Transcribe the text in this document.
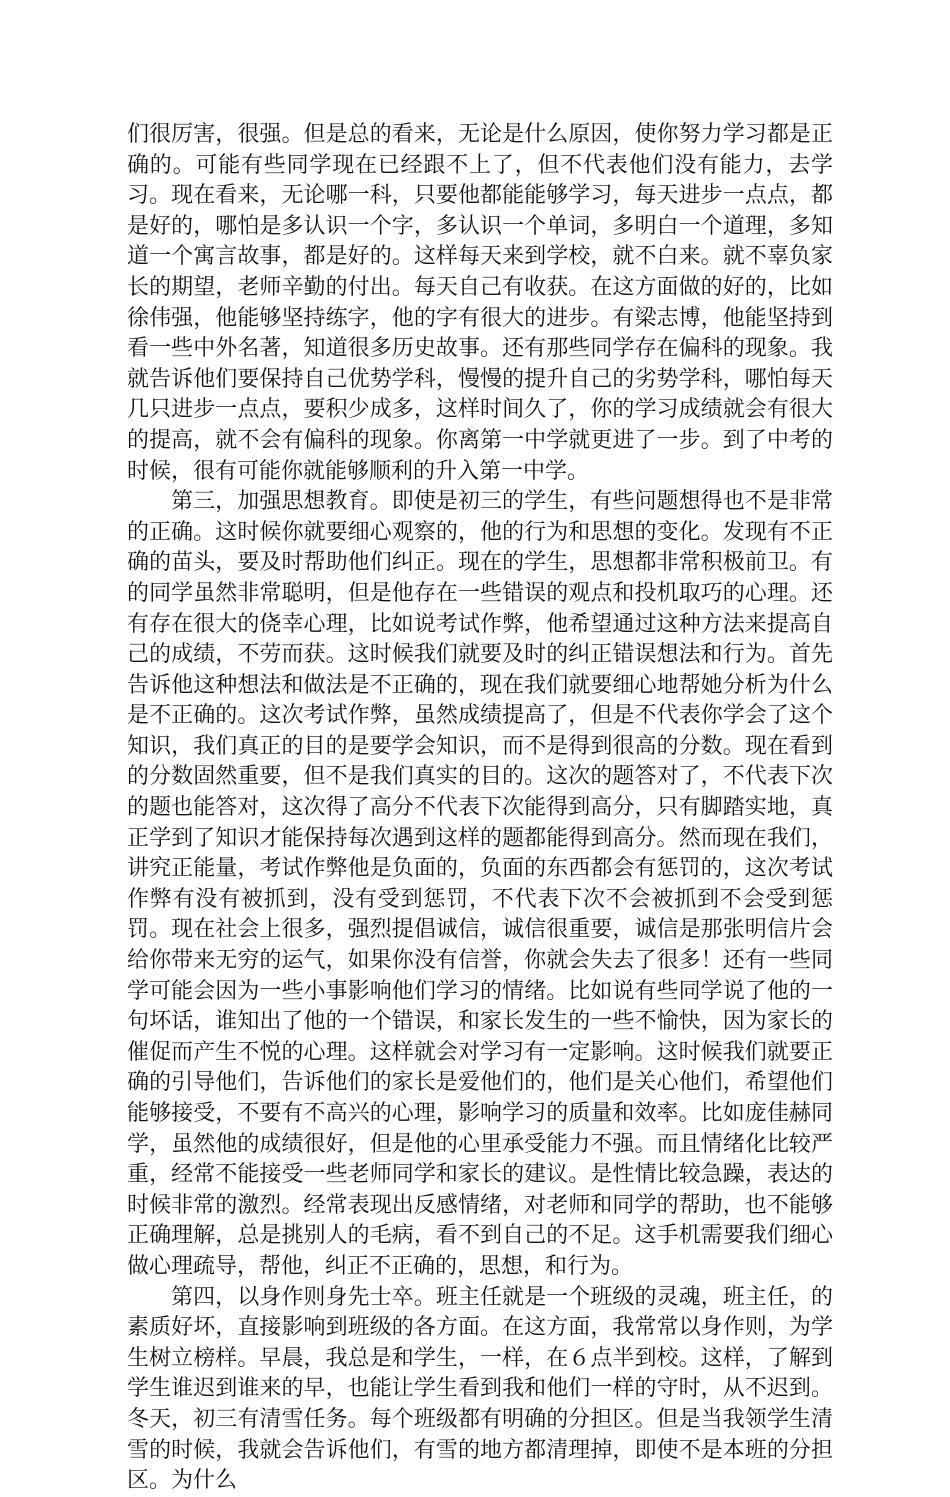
们很厉害，很强。但是总的看来，无论是什么原因，使你努力学习都是正确的。可能有些同学现在已经跟不上了，但不代表他们没有能力，去学习。现在看来，无论哪一科，只要他都能能够学习，每天进步一点点，都是好的，哪怕是多认识一个字，多认识一个单词，多明白一个道理，多知道一个寓言故事，都是好的。这样每天来到学校，就不白来。就不辜负家长的期望，老师辛勤的付出。每天自己有收获。在这方面做的好的，比如徐伟强，他能够坚持练字，他的字有很大的进步。有梁志博，他能坚持到看一些中外名著，知道很多历史故事。还有那些同学存在偏科的现象。我就告诉他们要保持自己优势学科，慢慢的提升自己的劣势学科，哪怕每天几只进步一点点，要积少成多，这样时间久了，你的学习成绩就会有很大的提高，就不会有偏科的现象。你离第一中学就更进了一步。到了中考的时候，很有可能你就能够顺利的升入第一中学。

第三，加强思想教育。即使是初三的学生，有些问题想得也不是非常的正确。这时候你就要细心观察的，他的行为和思想的变化。发现有不正确的苗头，要及时帮助他们纠正。现在的学生，思想都非常积极前卫。有的同学虽然非常聪明，但是他存在一些错误的观点和投机取巧的心理。还有存在很大的侥幸心理，比如说考试作弊，他希望通过这种方法来提高自己的成绩，不劳而获。这时候我们就要及时的纠正错误想法和行为。首先告诉他这种想法和做法是不正确的，现在我们就要细心地帮她分析为什么是不正确的。这次考试作弊，虽然成绩提高了，但是不代表你学会了这个知识，我们真正的目的是要学会知识，而不是得到很高的分数。现在看到的分数固然重要，但不是我们真实的目的。这次的题答对了，不代表下次的题也能答对，这次得了高分不代表下次能得到高分，只有脚踏实地，真正学到了知识才能保持每次遇到这样的题都能得到高分。然而现在我们，讲究正能量，考试作弊他是负面的，负面的东西都会有惩罚的，这次考试作弊有没有被抓到，没有受到惩罚，不代表下次不会被抓到不会受到惩罚。现在社会上很多，强烈提倡诚信，诚信很重要，诚信是那张明信片会给你带来无穷的运气，如果你没有信誉，你就会失去了很多！还有一些同学可能会因为一些小事影响他们学习的情绪。比如说有些同学说了他的一句坏话，谁知出了他的一个错误，和家长发生的一些不愉快，因为家长的催促而产生不悦的心理。这样就会对学习有一定影响。这时候我们就要正确的引导他们，告诉他们的家长是爱他们的，他们是关心他们，希望他们能够接受，不要有不高兴的心理，影响学习的质量和效率。比如庞佳赫同学，虽然他的成绩很好，但是他的心里承受能力不强。而且情绪化比较严重，经常不能接受一些老师同学和家长的建议。是性情比较急躁，表达的时候非常的激烈。经常表现出反感情绪，对老师和同学的帮助，也不能够正确理解，总是挑别人的毛病，看不到自己的不足。这手机需要我们细心做心理疏导，帮他，纠正不正确的，思想，和行为。

第四，以身作则身先士卒。班主任就是一个班级的灵魂，班主任，的素质好坏，直接影响到班级的各方面。在这方面，我常常以身作则，为学生树立榜样。早晨，我总是和学生，一样，在６点半到校。这样，了解到学生谁迟到谁来的早，也能让学生看到我和他们一样的守时，从不迟到。冬天，初三有清雪任务。每个班级都有明确的分担区。但是当我领学生清雪的时候，我就会告诉他们，有雪的地方都清理掉，即使不是本班的分担区。为什么
